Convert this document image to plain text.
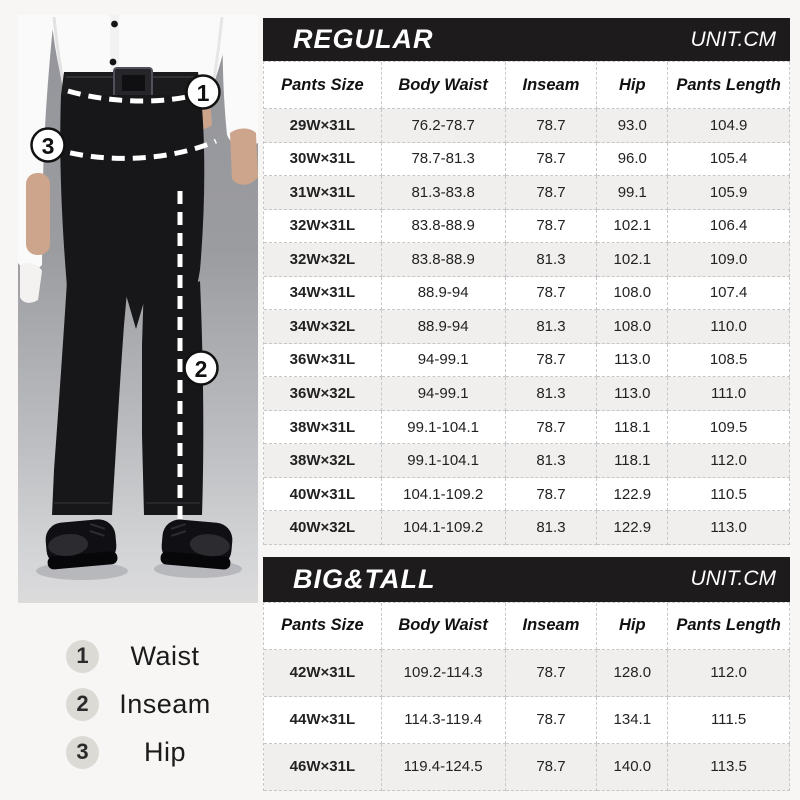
1
3
2
1	Waist
2	Inseam
3	Hip
REGULAR	UNIT.CM
Pants Size	Body Waist	Inseam	Hip	Pants Length
29W×31L	76.2-78.7	78.7	93.0	104.9
30W×31L	78.7-81.3	78.7	96.0	105.4
31W×31L	81.3-83.8	78.7	99.1	105.9
32W×31L	83.8-88.9	78.7	102.1	106.4
32W×32L	83.8-88.9	81.3	102.1	109.0
34W×31L	88.9-94	78.7	108.0	107.4
34W×32L	88.9-94	81.3	108.0	110.0
36W×31L	94-99.1	78.7	113.0	108.5
36W×32L	94-99.1	81.3	113.0	111.0
38W×31L	99.1-104.1	78.7	118.1	109.5
38W×32L	99.1-104.1	81.3	118.1	112.0
40W×31L	104.1-109.2	78.7	122.9	110.5
40W×32L	104.1-109.2	81.3	122.9	113.0
BIG&TALL	UNIT.CM
Pants Size	Body Waist	Inseam	Hip	Pants Length
42W×31L	109.2-114.3	78.7	128.0	112.0
44W×31L	114.3-119.4	78.7	134.1	111.5
46W×31L	119.4-124.5	78.7	140.0	113.5
